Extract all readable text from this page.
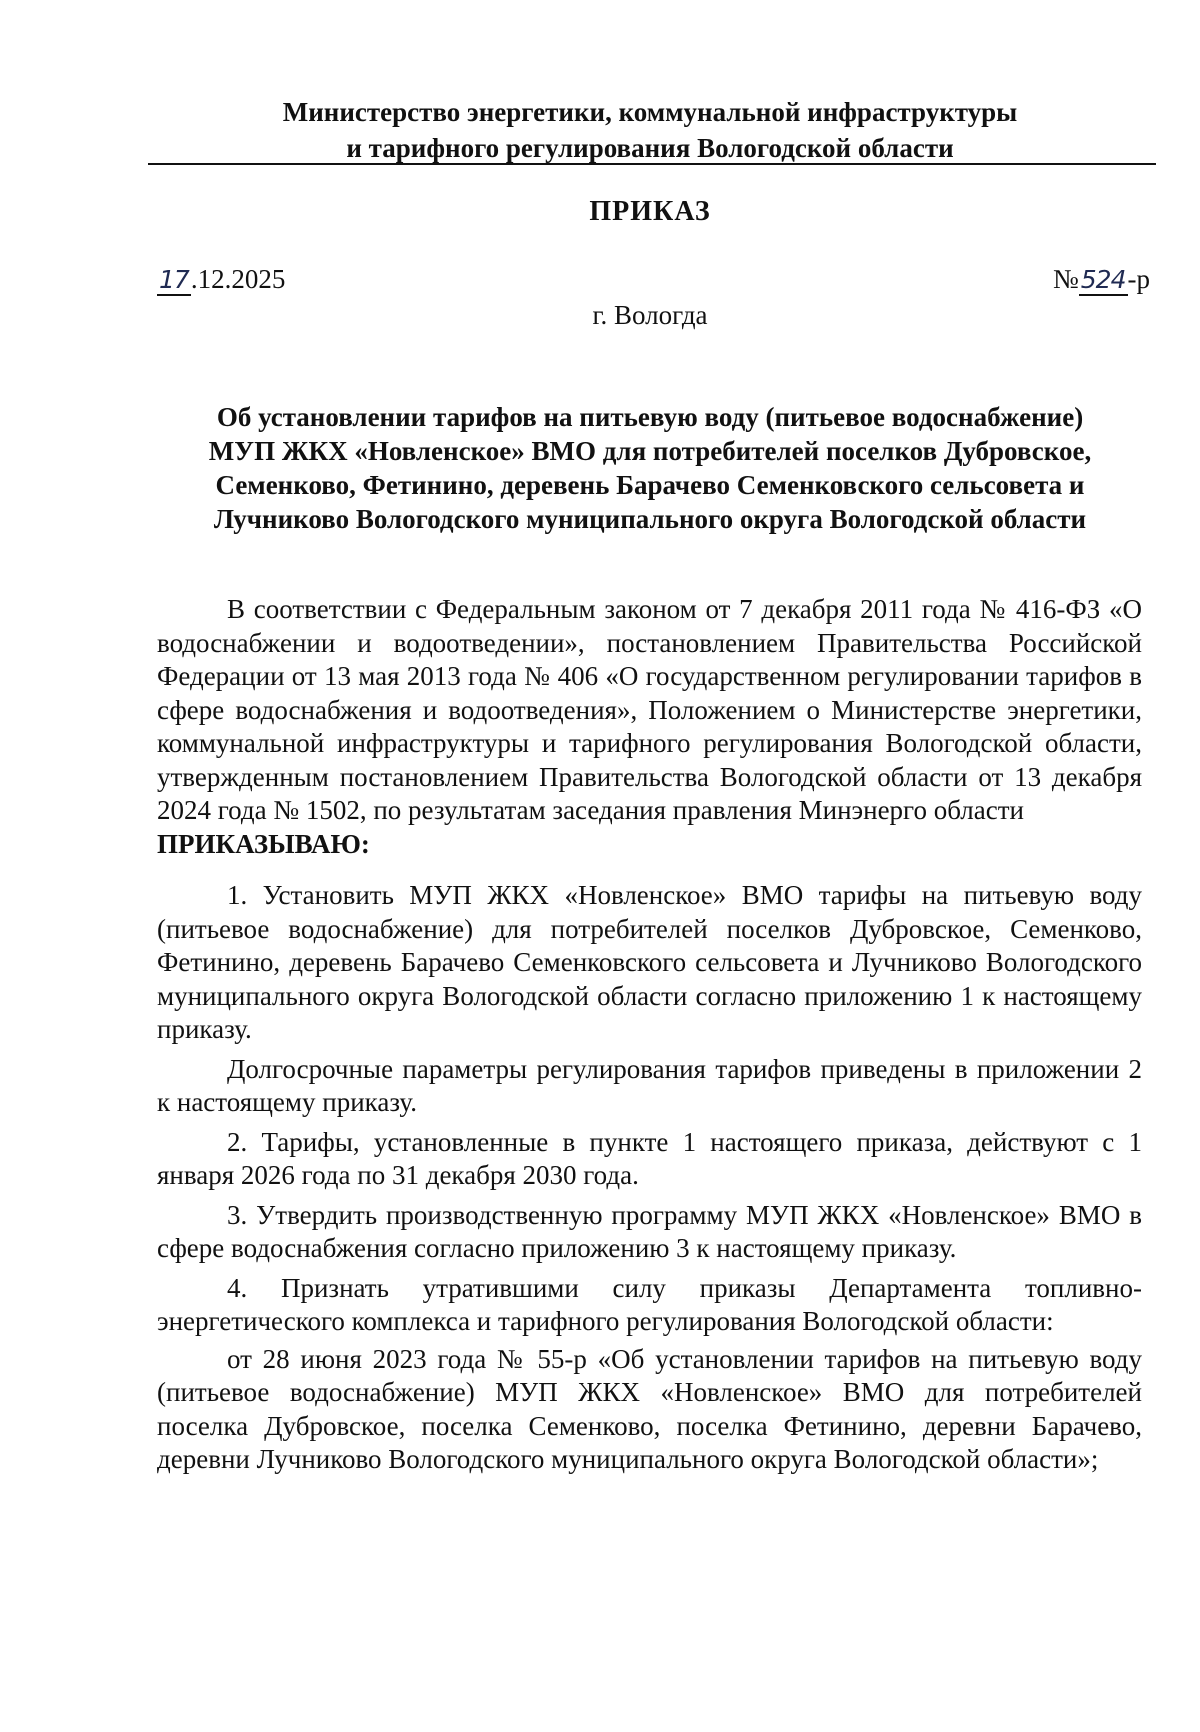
Министерство энергетики, коммунальной инфраструктуры
и тарифного регулирования Вологодской области
ПРИКАЗ
17.12.2025	№524-р
г. Вологда
Об установлении тарифов на питьевую воду (питьевое водоснабжение)
МУП ЖКХ «Новленское» ВМО для потребителей поселков Дубровское,
Семенково, Фетинино, деревень Барачево Семенковского сельсовета и
Лучниково Вологодского муниципального округа Вологодской области

В соответствии с Федеральным законом от 7 декабря 2011 года № 416-ФЗ «О водоснабжении и водоотведении», постановлением Правительства Российской Федерации от 13 мая 2013 года № 406 «О государственном регулировании тарифов в сфере водоснабжения и водоотведения», Положением о Министерстве энергетики, коммунальной инфраструктуры и тарифного регулирования Вологодской области, утвержденным постановлением Правительства Вологодской области от 13 декабря 2024 года № 1502, по результатам заседания правления Минэнерго области

ПРИКАЗЫВАЮ:

1. Установить МУП ЖКХ «Новленское» ВМО тарифы на питьевую воду (питьевое водоснабжение) для потребителей поселков Дубровское, Семенково, Фетинино, деревень Барачево Семенковского сельсовета и Лучниково Вологодского муниципального округа Вологодской области согласно приложению 1 к настоящему приказу.

Долгосрочные параметры регулирования тарифов приведены в приложении 2 к настоящему приказу.

2. Тарифы, установленные в пункте 1 настоящего приказа, действуют с 1 января 2026 года по 31 декабря 2030 года.

3. Утвердить производственную программу МУП ЖКХ «Новленское» ВМО в сфере водоснабжения согласно приложению 3 к настоящему приказу.

4. Признать утратившими силу приказы Департамента топливно-энергетического комплекса и тарифного регулирования Вологодской области:

от 28 июня 2023 года № 55-р «Об установлении тарифов на питьевую воду (питьевое водоснабжение) МУП ЖКХ «Новленское» ВМО для потребителей поселка Дубровское, поселка Семенково, поселка Фетинино, деревни Барачево, деревни Лучниково Вологодского муниципального округа Вологодской области»;
